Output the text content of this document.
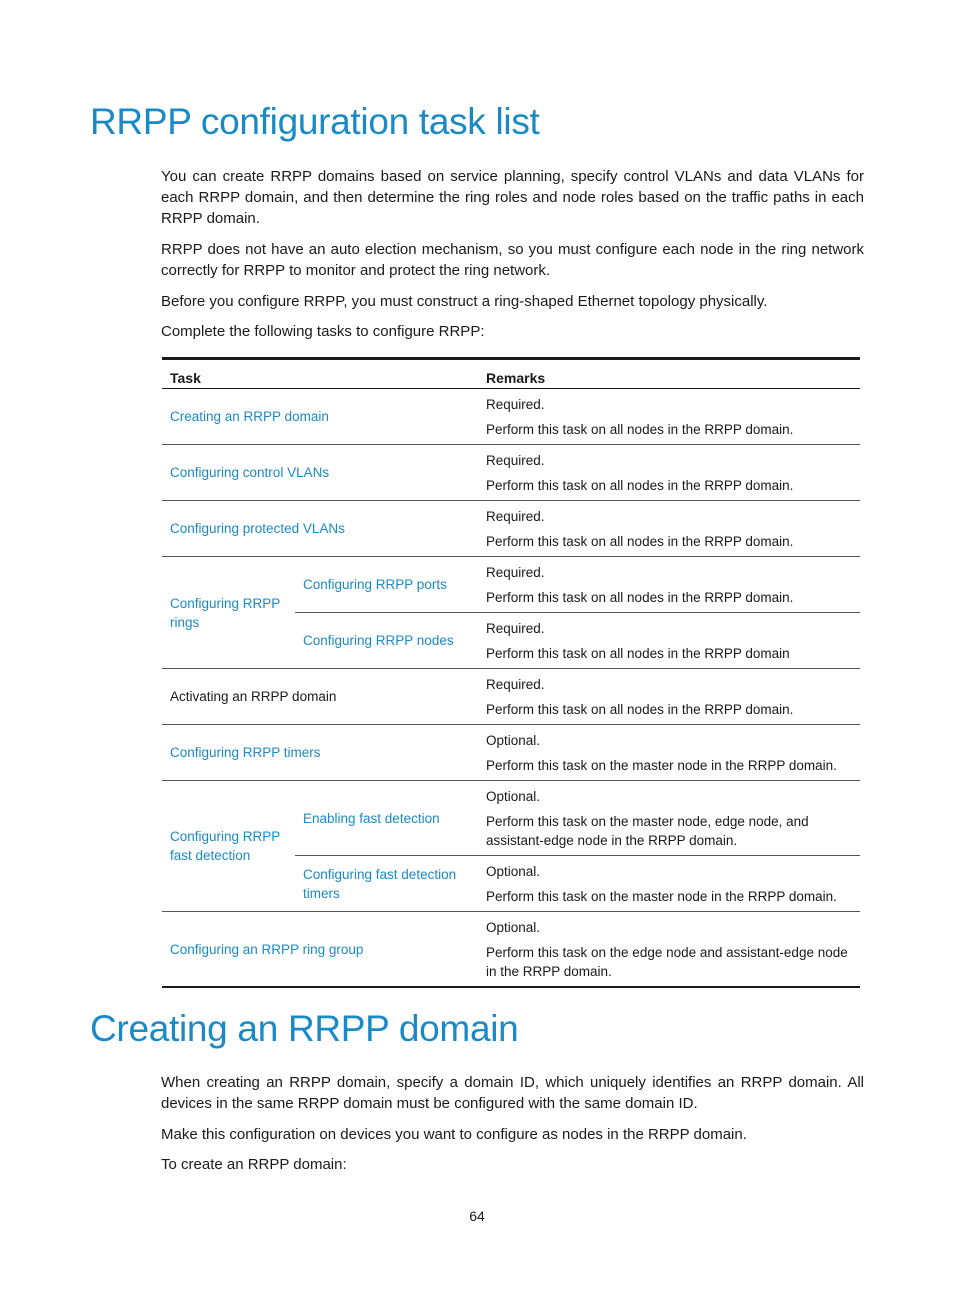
RRPP configuration task list

You can create RRPP domains based on service planning, specify control VLANs and data VLANs for each RRPP domain, and then determine the ring roles and node roles based on the traffic paths in each RRPP domain.

RRPP does not have an auto election mechanism, so you must configure each node in the ring network correctly for RRPP to monitor and protect the ring network.

Before you configure RRPP, you must construct a ring-shaped Ethernet topology physically.

Complete the following tasks to configure RRPP:

Task		Remarks
Creating an RRPP domain		Required.
Perform this task on all nodes in the RRPP domain.

Configuring control VLANs		Required.
Perform this task on all nodes in the RRPP domain.

Configuring protected VLANs		Required.
Perform this task on all nodes in the RRPP domain.

Configuring RRPP rings	Configuring RRPP ports	Required.
Perform this task on all nodes in the RRPP domain.

	Configuring RRPP nodes	Required.
Perform this task on all nodes in the RRPP domain

Activating an RRPP domain		Required.
Perform this task on all nodes in the RRPP domain.

Configuring RRPP timers		Optional.
Perform this task on the master node in the RRPP domain.

Configuring RRPP fast detection	Enabling fast detection	Optional.
Perform this task on the master node, edge node, and assistant-edge node in the RRPP domain.

	Configuring fast detection timers	Optional.
Perform this task on the master node in the RRPP domain.

Configuring an RRPP ring group		Optional.
Perform this task on the edge node and assistant-edge node in the RRPP domain.
Creating an RRPP domain

When creating an RRPP domain, specify a domain ID, which uniquely identifies an RRPP domain. All devices in the same RRPP domain must be configured with the same domain ID.

Make this configuration on devices you want to configure as nodes in the RRPP domain.

To create an RRPP domain:

64
